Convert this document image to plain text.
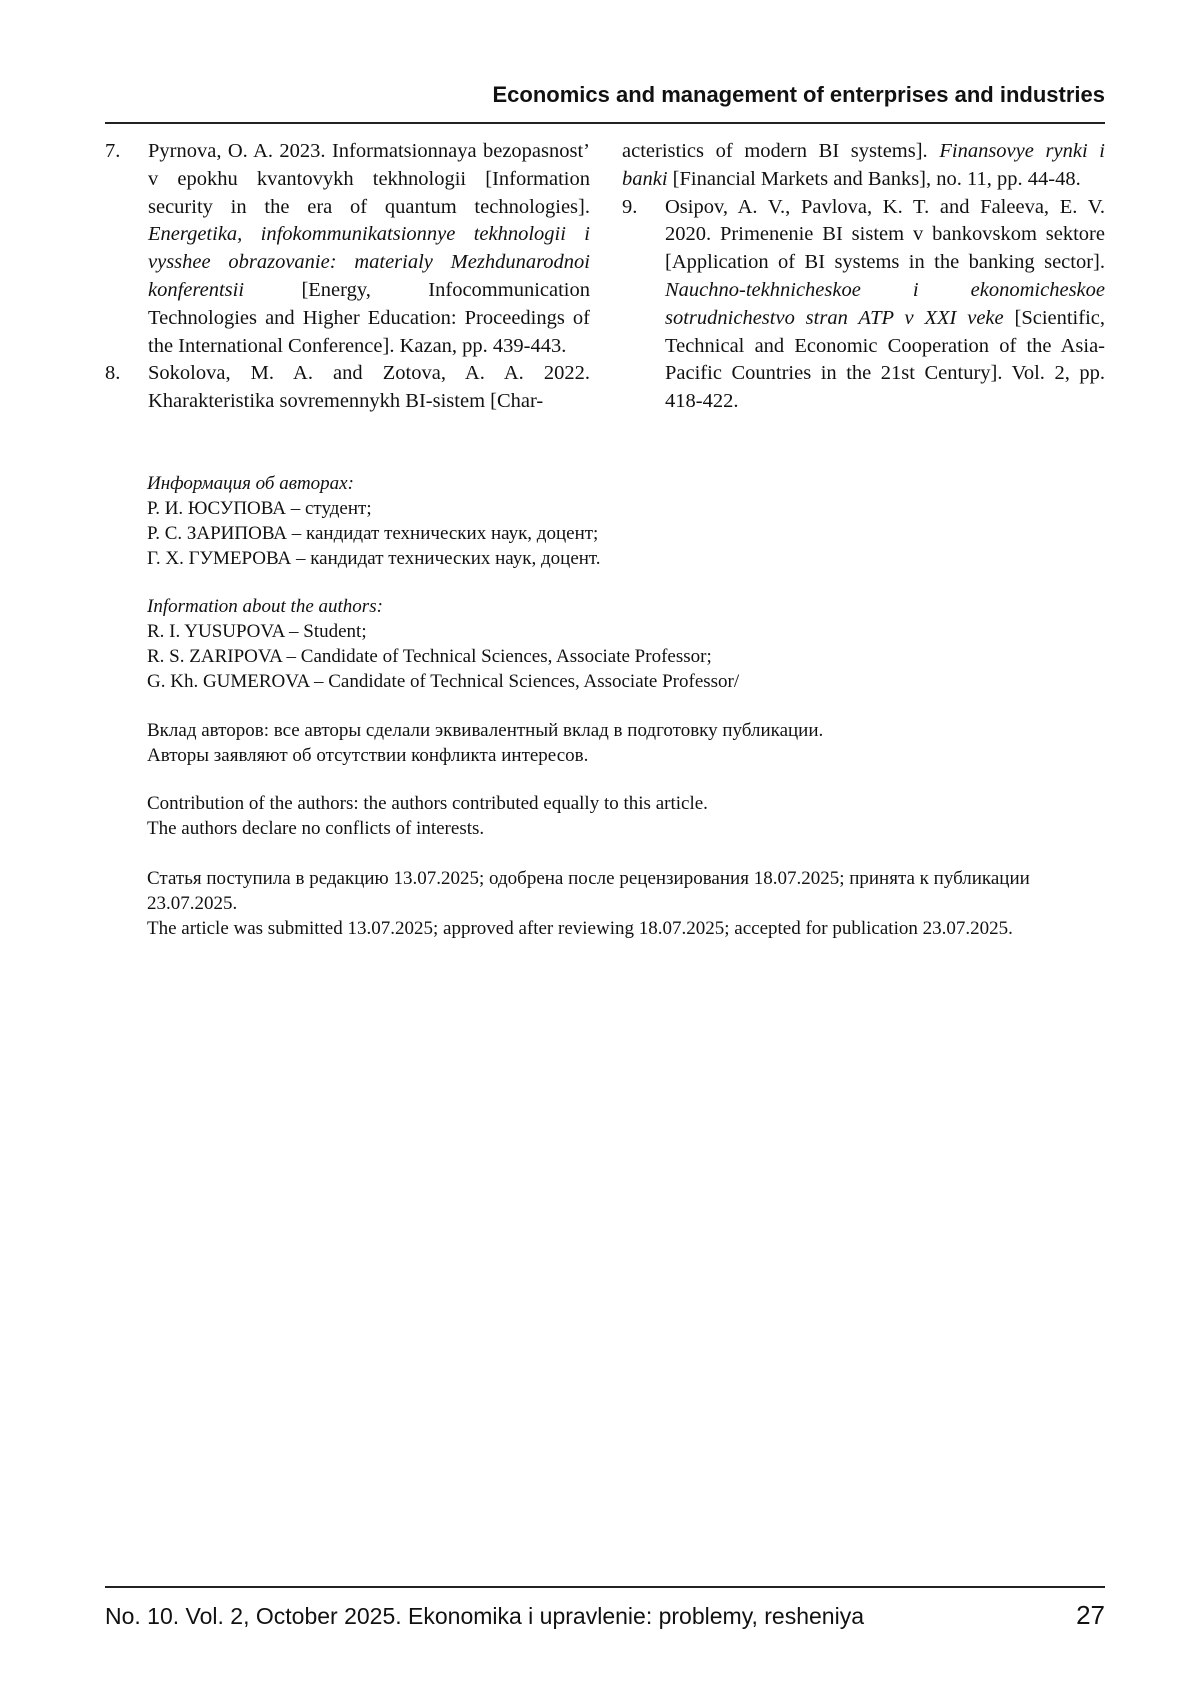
Economics and management of enterprises and industries
7. Pyrnova, O. A. 2023. Informatsionnaya bezopasnost’ v epokhu kvantovykh tekhnologii [Information security in the era of quantum technologies]. Energetika, infokommunikatsionnye tekhnologii i vysshee obrazovanie: materialy Mezhdunarodnoi konferentsii [Energy, Infocommunication Technologies and Higher Education: Proceedings of the International Conference]. Kazan, pp. 439-443.
8. Sokolova, M. A. and Zotova, A. A. 2022. Kharakteristika sovremennykh BI-sistem [Char-
acteristics of modern BI systems]. Finansovye rynki i banki [Financial Markets and Banks], no. 11, pp. 44-48.
9. Osipov, A. V., Pavlova, K. T. and Faleeva, E. V. 2020. Primenenie BI sistem v bankovskom sektore [Application of BI systems in the banking sector]. Nauchno-tekhnicheskoe i ekonomicheskoe sotrudnichestvo stran ATP v XXI veke [Scientific, Technical and Economic Cooperation of the Asia-Pacific Countries in the 21st Century]. Vol. 2, pp. 418-422.
Информация об авторах:
Р. И. ЮСУПОВА – студент;
Р. С. ЗАРИПОВА – кандидат технических наук, доцент;
Г. Х. ГУМЕРОВА – кандидат технических наук, доцент.
Information about the authors:
R. I. YUSUPOVA – Student;
R. S. ZARIPOVA – Candidate of Technical Sciences, Associate Professor;
G. Kh. GUMEROVA – Candidate of Technical Sciences, Associate Professor/
Вклад авторов: все авторы сделали эквивалентный вклад в подготовку публикации.
Авторы заявляют об отсутствии конфликта интересов.
Contribution of the authors: the authors contributed equally to this article.
The authors declare no conflicts of interests.
Статья поступила в редакцию 13.07.2025; одобрена после рецензирования 18.07.2025; принята к публикации 23.07.2025.
The article was submitted 13.07.2025; approved after reviewing 18.07.2025; accepted for publication 23.07.2025.
No. 10. Vol. 2, October 2025. Ekonomika i upravlenie: problemy, resheniya	27
